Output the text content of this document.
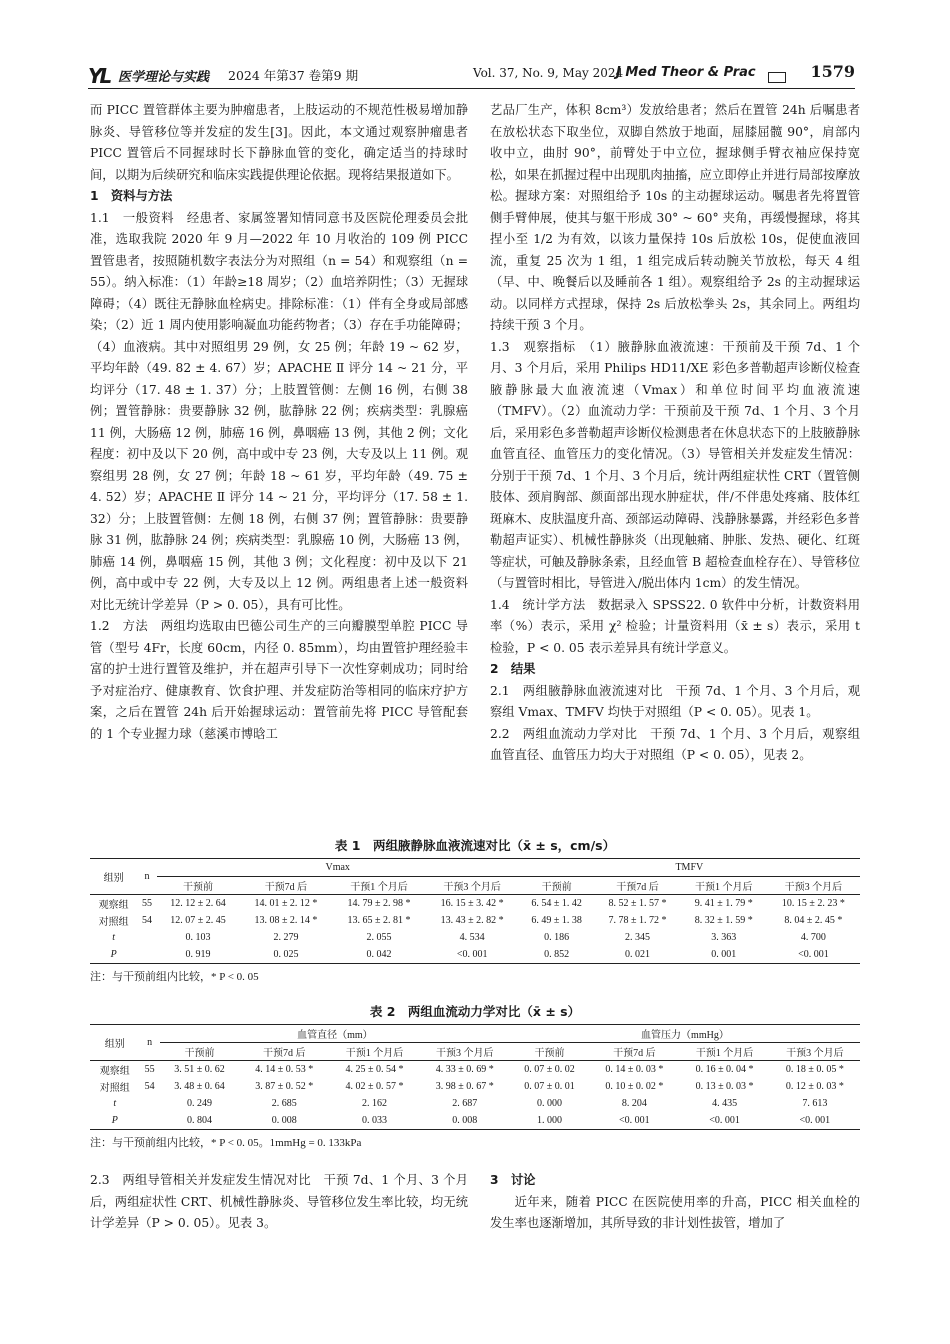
YL 医学理论与实践 2024 年第37 卷第9 期	Vol. 37, No. 9, May 2024
J Med Theor & Prac	1579

而 PICC 置管群体主要为肿瘤患者，上肢运动的不规范性极易增加静脉炎、导管移位等并发症的发生[3]。因此，本文通过观察肿瘤患者 PICC 置管后不同握球时长下静脉血管的变化，确定适当的持球时间，以期为后续研究和临床实践提供理论依据。现将结果报道如下。

1　资料与方法

1.1　一般资料　经患者、家属签署知情同意书及医院伦理委员会批准，选取我院 2020 年 9 月—2022 年 10 月收治的 109 例 PICC 置管患者，按照随机数字表法分为对照组（n = 54）和观察组（n = 55）。纳入标准：（1）年龄≥18 周岁；（2）血培养阴性；（3）无握球障碍；（4）既往无静脉血栓病史。排除标准：（1）伴有全身或局部感染；（2）近 1 周内使用影响凝血功能药物者；（3）存在手功能障碍；（4）血液病。其中对照组男 29 例，女 25 例；年龄 19 ~ 62 岁，平均年龄（49. 82 ± 4. 67）岁；APACHE Ⅱ 评分 14 ~ 21 分，平均评分（17. 48 ± 1. 37）分；上肢置管侧：左侧 16 例，右侧 38 例；置管静脉：贵要静脉 32 例，肱静脉 22 例；疾病类型：乳腺癌 11 例，大肠癌 12 例，肺癌 16 例，鼻咽癌 13 例，其他 2 例；文化程度：初中及以下 20 例，高中或中专 23 例，大专及以上 11 例。观察组男 28 例，女 27 例；年龄 18 ~ 61 岁，平均年龄（49. 75 ± 4. 52）岁；APACHE Ⅱ 评分 14 ~ 21 分，平均评分（17. 58 ± 1. 32）分；上肢置管侧：左侧 18 例，右侧 37 例；置管静脉：贵要静脉 31 例，肱静脉 24 例；疾病类型：乳腺癌 10 例，大肠癌 13 例，肺癌 14 例，鼻咽癌 15 例，其他 3 例；文化程度：初中及以下 21 例，高中或中专 22 例，大专及以上 12 例。两组患者上述一般资料对比无统计学差异（P > 0. 05），具有可比性。

1.2　方法　两组均选取由巴德公司生产的三向瓣膜型单腔 PICC 导管（型号 4Fr，长度 60cm，内径 0. 85mm），均由置管护理经验丰富的护士进行置管及维护，并在超声引导下一次性穿刺成功；同时给予对症治疗、健康教育、饮食护理、并发症防治等相同的临床疗护方案，之后在置管 24h 后开始握球运动：置管前先将 PICC 导管配套的 1 个专业握力球（慈溪市博晗工

艺品厂生产，体积 8cm³）发放给患者；然后在置管 24h 后嘱患者在放松状态下取坐位，双脚自然放于地面，屈膝屈髋 90°，肩部内收中立，曲肘 90°，前臂处于中立位，握球侧手臂衣袖应保持宽松，如果在抓握过程中出现肌肉抽搐，应立即停止并进行局部按摩放松。握球方案：对照组给予 10s 的主动握球运动。嘱患者先将置管侧手臂伸展，使其与躯干形成 30° ~ 60° 夹角，再缓慢握球，将其捏小至 1/2 为有效，以该力量保持 10s 后放松 10s，促使血液回流，重复 25 次为 1 组，1 组完成后转动腕关节放松，每天 4 组（早、中、晚餐后以及睡前各 1 组）。观察组给予 2s 的主动握球运动。以同样方式捏球，保持 2s 后放松拳头 2s，其余同上。两组均持续干预 3 个月。

1.3　观察指标　（1）腋静脉血液流速：干预前及干预 7d、1 个月、3 个月后，采用 Philips HD11/XE 彩色多普勒超声诊断仪检查腋静脉最大血液流速（Vmax）和单位时间平均血液流速（TMFV）。（2）血流动力学：干预前及干预 7d、1 个月、3 个月后，采用彩色多普勒超声诊断仪检测患者在休息状态下的上肢腋静脉血管直径、血管压力的变化情况。（3）导管相关并发症发生情况：分别于干预 7d、1 个月、3 个月后，统计两组症状性 CRT（置管侧肢体、颈肩胸部、颜面部出现水肿症状，伴/不伴患处疼痛、肢体红斑麻木、皮肤温度升高、颈部运动障碍、浅静脉暴露，并经彩色多普勒超声证实）、机械性静脉炎（出现触痛、肿胀、发热、硬化、红斑等症状，可触及静脉条索，且经血管 B 超检查血栓存在）、导管移位（与置管时相比，导管进入/脱出体内 1cm）的发生情况。

1.4　统计学方法　数据录入 SPSS22. 0 软件中分析，计数资料用率（%）表示，采用 χ² 检验；计量资料用（x̄ ± s）表示，采用 t 检验，P < 0. 05 表示差异具有统计学意义。

2　结果

2.1　两组腋静脉血液流速对比　干预 7d、1 个月、3 个月后，观察组 Vmax、TMFV 均快于对照组（P < 0. 05）。见表 1。

2.2　两组血流动力学对比　干预 7d、1 个月、3 个月后，观察组血管直径、血管压力均大于对照组（P < 0. 05），见表 2。

表 1　两组腋静脉血液流速对比（x̄ ± s，cm/s）
组别	n	Vmax				TMFV			
		干预前	干预7d 后	干预1 个月后	干预3 个月后	干预前	干预7d 后	干预1 个月后	干预3 个月后
观察组	55	12. 12 ± 2. 64	14. 01 ± 2. 12 *	14. 79 ± 2. 98 *	16. 15 ± 3. 42 *	6. 54 ± 1. 42	8. 52 ± 1. 57 *	9. 41 ± 1. 79 *	10. 15 ± 2. 23 *
对照组	54	12. 07 ± 2. 45	13. 08 ± 2. 14 *	13. 65 ± 2. 81 *	13. 43 ± 2. 82 *	6. 49 ± 1. 38	7. 78 ± 1. 72 *	8. 32 ± 1. 59 *	8. 04 ± 2. 45 *
t		0. 103	2. 279	2. 055	4. 534	0. 186	2. 345	3. 363	4. 700
P		0. 919	0. 025	0. 042	<0. 001	0. 852	0. 021	0. 001	<0. 001
注：与干预前组内比较，* P < 0. 05
表 2　两组血流动力学对比（x̄ ± s）
组别	n	血管直径（mm）				血管压力（mmHg）			
		干预前	干预7d 后	干预1 个月后	干预3 个月后	干预前	干预7d 后	干预1 个月后	干预3 个月后
观察组	55	3. 51 ± 0. 62	4. 14 ± 0. 53 *	4. 25 ± 0. 54 *	4. 33 ± 0. 69 *	0. 07 ± 0. 02	0. 14 ± 0. 03 *	0. 16 ± 0. 04 *	0. 18 ± 0. 05 *
对照组	54	3. 48 ± 0. 64	3. 87 ± 0. 52 *	4. 02 ± 0. 57 *	3. 98 ± 0. 67 *	0. 07 ± 0. 01	0. 10 ± 0. 02 *	0. 13 ± 0. 03 *	0. 12 ± 0. 03 *
t		0. 249	2. 685	2. 162	2. 687	0. 000	8. 204	4. 435	7. 613
P		0. 804	0. 008	0. 033	0. 008	1. 000	<0. 001	<0. 001	<0. 001
注：与干预前组内比较，* P < 0. 05。1mmHg = 0. 133kPa

2.3　两组导管相关并发症发生情况对比　干预 7d、1 个月、3 个月后，两组症状性 CRT、机械性静脉炎、导管移位发生率比较，均无统计学差异（P > 0. 05）。见表 3。

3　讨论

近年来，随着 PICC 在医院使用率的升高，PICC 相关血栓的发生率也逐渐增加，其所导致的非计划性拔管，增加了
